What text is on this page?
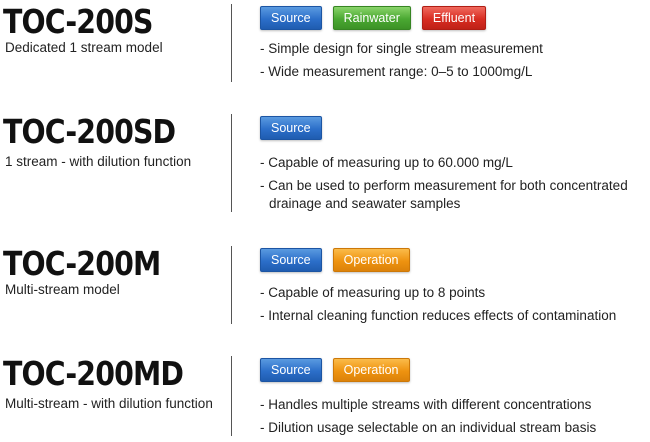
TOC-200S
Dedicated 1 stream model
Source	Rainwater	Effluent
- Simple design for single stream measurement
- Wide measurement range: 0–5 to 1000mg/L
TOC-200SD
1 stream - with dilution function
Source
- Capable of measuring up to 60.000 mg/L
- Can be used to perform measurement for both concentrated
drainage and seawater samples
TOC-200M
Multi-stream model
Source	Operation
- Capable of measuring up to 8 points
- Internal cleaning function reduces effects of contamination
TOC-200MD
Multi-stream - with dilution function
Source	Operation
- Handles multiple streams with different concentrations
- Dilution usage selectable on an individual stream basis
